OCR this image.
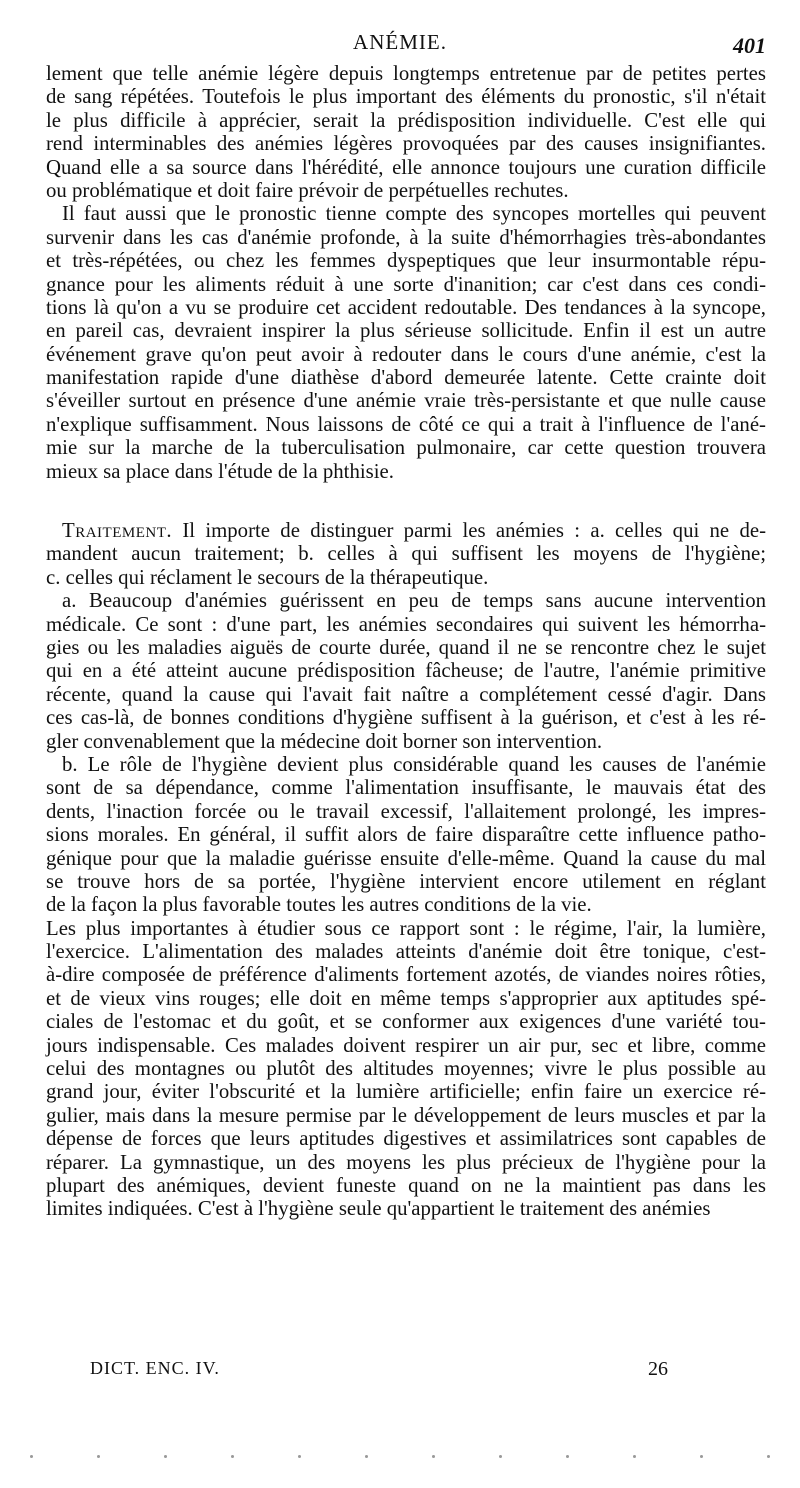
ANÉMIE.	401
lement que telle anémie légère depuis longtemps entretenue par de petites pertes
de sang répétées. Toutefois le plus important des éléments du pronostic, s'il n'était
le plus difficile à apprécier, serait la prédisposition individuelle. C'est elle qui
rend interminables des anémies légères provoquées par des causes insignifiantes.
Quand elle a sa source dans l'hérédité, elle annonce toujours une curation difficile
ou problématique et doit faire prévoir de perpétuelles rechutes.
Il faut aussi que le pronostic tienne compte des syncopes mortelles qui peuvent
survenir dans les cas d'anémie profonde, à la suite d'hémorrhagies très-abondantes
et très-répétées, ou chez les femmes dyspeptiques que leur insurmontable répu-
gnance pour les aliments réduit à une sorte d'inanition; car c'est dans ces condi-
tions là qu'on a vu se produire cet accident redoutable. Des tendances à la syncope,
en pareil cas, devraient inspirer la plus sérieuse sollicitude. Enfin il est un autre
événement grave qu'on peut avoir à redouter dans le cours d'une anémie, c'est la
manifestation rapide d'une diathèse d'abord demeurée latente. Cette crainte doit
s'éveiller surtout en présence d'une anémie vraie très-persistante et que nulle cause
n'explique suffisamment. Nous laissons de côté ce qui a trait à l'influence de l'ané-
mie sur la marche de la tuberculisation pulmonaire, car cette question trouvera
mieux sa place dans l'étude de la phthisie.
Traitement. Il importe de distinguer parmi les anémies : a. celles qui ne de-
mandent aucun traitement; b. celles à qui suffisent les moyens de l'hygiène;
c. celles qui réclament le secours de la thérapeutique.
a. Beaucoup d'anémies guérissent en peu de temps sans aucune intervention
médicale. Ce sont : d'une part, les anémies secondaires qui suivent les hémorrha-
gies ou les maladies aiguës de courte durée, quand il ne se rencontre chez le sujet
qui en a été atteint aucune prédisposition fâcheuse; de l'autre, l'anémie primitive
récente, quand la cause qui l'avait fait naître a complétement cessé d'agir. Dans
ces cas-là, de bonnes conditions d'hygiène suffisent à la guérison, et c'est à les ré-
gler convenablement que la médecine doit borner son intervention.
b. Le rôle de l'hygiène devient plus considérable quand les causes de l'anémie
sont de sa dépendance, comme l'alimentation insuffisante, le mauvais état des
dents, l'inaction forcée ou le travail excessif, l'allaitement prolongé, les impres-
sions morales. En général, il suffit alors de faire disparaître cette influence patho-
génique pour que la maladie guérisse ensuite d'elle-même. Quand la cause du mal
se trouve hors de sa portée, l'hygiène intervient encore utilement en réglant
de la façon la plus favorable toutes les autres conditions de la vie.
Les plus importantes à étudier sous ce rapport sont : le régime, l'air, la lumière,
l'exercice. L'alimentation des malades atteints d'anémie doit être tonique, c'est-
à-dire composée de préférence d'aliments fortement azotés, de viandes noires rôties,
et de vieux vins rouges; elle doit en même temps s'approprier aux aptitudes spé-
ciales de l'estomac et du goût, et se conformer aux exigences d'une variété tou-
jours indispensable. Ces malades doivent respirer un air pur, sec et libre, comme
celui des montagnes ou plutôt des altitudes moyennes; vivre le plus possible au
grand jour, éviter l'obscurité et la lumière artificielle; enfin faire un exercice ré-
gulier, mais dans la mesure permise par le développement de leurs muscles et par la
dépense de forces que leurs aptitudes digestives et assimilatrices sont capables de
réparer. La gymnastique, un des moyens les plus précieux de l'hygiène pour la
plupart des anémiques, devient funeste quand on ne la maintient pas dans les
limites indiquées. C'est à l'hygiène seule qu'appartient le traitement des anémies
DICT. ENC. IV.	26
